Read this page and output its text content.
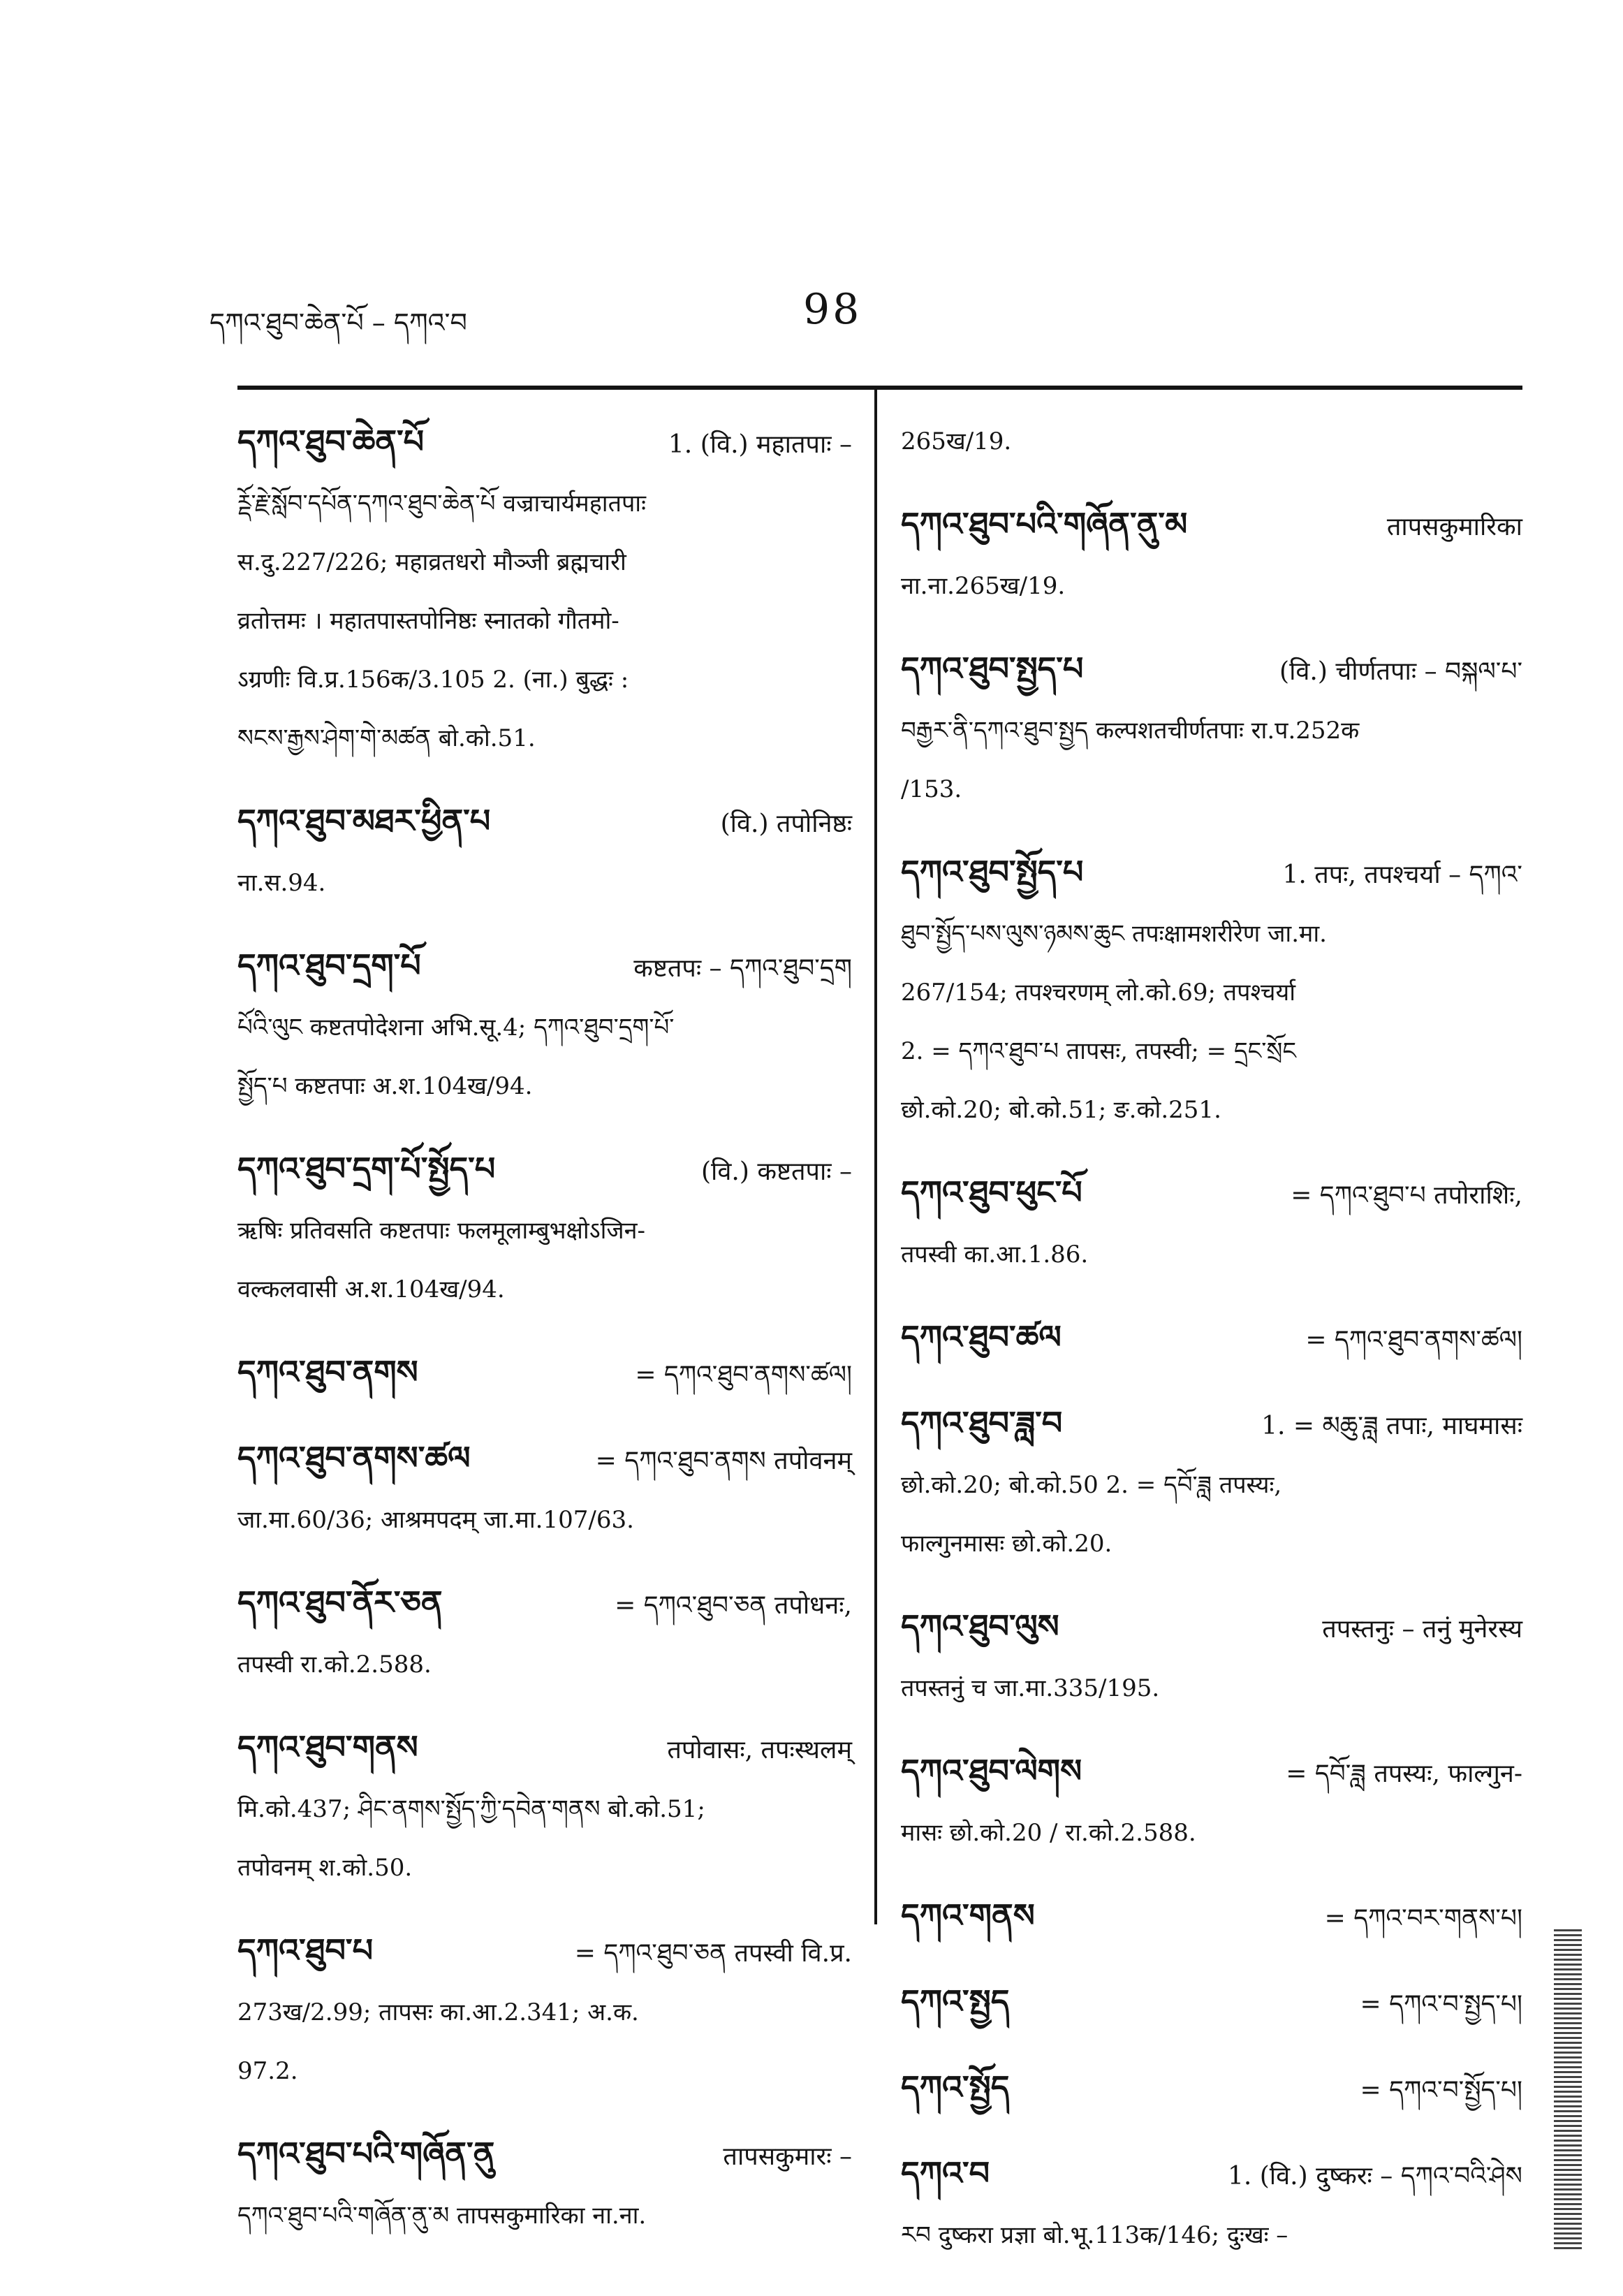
དཀའ་ཐུབ་ཆེན་པོ – དཀའ་བ	98
དཀའ་ཐུབ་ཆེན་པོ	1. (वि.) महातपाः –
ཪྡོ་རྗེ་སློབ་དཔོན་དཀའ་ཐུབ་ཆེན་པོ वज्राचार्यमहातपाः
स.दु.227/226; महाव्रतधरो मौञ्जी ब्रह्मचारी
व्रतोत्तमः । महातपास्तपोनिष्ठः स्नातको गौतमो-
ऽग्रणीः वि.प्र.156क/3.105 2. (ना.) बुद्धः :
སངས་རྒྱས་ཤེག་གེ་མཚན बो.को.51.
དཀའ་ཐུབ་མཐར་ཕྱིན་པ	(वि.) तपोनिष्ठः
ना.स.94.
དཀའ་ཐུབ་དྲག་པོ	कष्टतपः – དཀའ་ཐུབ་དྲག
པོའི་ལུང कष्टतपोदेशना अभि.सू.4; དཀའ་ཐུབ་དྲག་པོ་
སྤྱོད་པ कष्टतपाः अ.श.104ख/94.
དཀའ་ཐུབ་དྲག་པོ་སྤྱོད་པ	(वि.) कष्टतपाः –
ऋषिः प्रतिवसति कष्टतपाः फलमूलाम्बुभक्षोऽजिन-
वल्कलवासी अ.श.104ख/94.
དཀའ་ཐུབ་ནགས	= དཀའ་ཐུབ་ནགས་ཚལ།
དཀའ་ཐུབ་ནགས་ཚལ	= དཀའ་ཐུབ་ནགས तपोवनम्
जा.मा.60/36; आश्रमपदम् जा.मा.107/63.
དཀའ་ཐུབ་ནོར་ཅན	= དཀའ་ཐུབ་ཅན तपोधनः,
तपस्वी रा.को.2.588.
དཀའ་ཐུབ་གནས	तपोवासः, तपःस्थलम्
मि.को.437; ཤིང་ནགས་སྤྱོད་ཀྱི་དབེན་གནས बो.को.51;
तपोवनम् श.को.50.
དཀའ་ཐུབ་པ	= དཀའ་ཐུབ་ཅན तपस्वी वि.प्र.
273ख/2.99; तापसः का.आ.2.341; अ.क.
97.2.
དཀའ་ཐུབ་པའི་གཞོན་ནུ	तापसकुमारः –
དཀའ་ཐུབ་པའི་གཞོན་ནུ་མ तापसकुमारिका ना.ना.
265ख/19.
དཀའ་ཐུབ་པའི་གཞོན་ནུ་མ	तापसकुमारिका
ना.ना.265ख/19.
དཀའ་ཐུབ་སྤྱད་པ	(वि.) चीर्णतपाः – བསྐལ་པ་
བརྒྱར་ནི་དཀའ་ཐུབ་སྤྱད कल्पशतचीर्णतपाः रा.प.252क
/153.
དཀའ་ཐུབ་སྤྱོད་པ	1. तपः, तपश्चर्या – དཀའ་
ཐུབ་སྤྱོད་པས་ལུས་ཉམས་ཆུང तपःक्षामशरीरेण जा.मा.
267/154; तपश्चरणम् लो.को.69; तपश्चर्या
2. = དཀའ་ཐུབ་པ तापसः, तपस्वी; = དྲང་སྲོང
छो.को.20; बो.को.51; ङ.को.251.
དཀའ་ཐུབ་ཕུང་པོ	= དཀའ་ཐུབ་པ तपोराशिः,
तपस्वी का.आ.1.86.
དཀའ་ཐུབ་ཚལ	= དཀའ་ཐུབ་ནགས་ཚལ།
དཀའ་ཐུབ་ཟླ་བ	1. = མཆུ་ཟླ तपाः, माघमासः
छो.को.20; बो.को.50 2. = དབོ་ཟླ तपस्यः,
फाल्गुनमासः छो.को.20.
དཀའ་ཐུབ་ལུས	तपस्तनुः – तनुं मुनेरस्य
तपस्तनुं च जा.मा.335/195.
དཀའ་ཐུབ་ལེགས	= དབོ་ཟླ तपस्यः, फाल्गुन-
मासः छो.को.20 / रा.को.2.588.
དཀའ་གནས	= དཀའ་བར་གནས་པ།
དཀའ་སྤྱད	= དཀའ་བ་སྤྱད་པ།
དཀའ་སྤྱོད	= དཀའ་བ་སྤྱོད་པ།
དཀའ་བ	1. (वि.) दुष्करः – དཀའ་བའི་ཤེས
རབ दुष्करा प्रज्ञा बो.भू.113क/146; दुःखः –
